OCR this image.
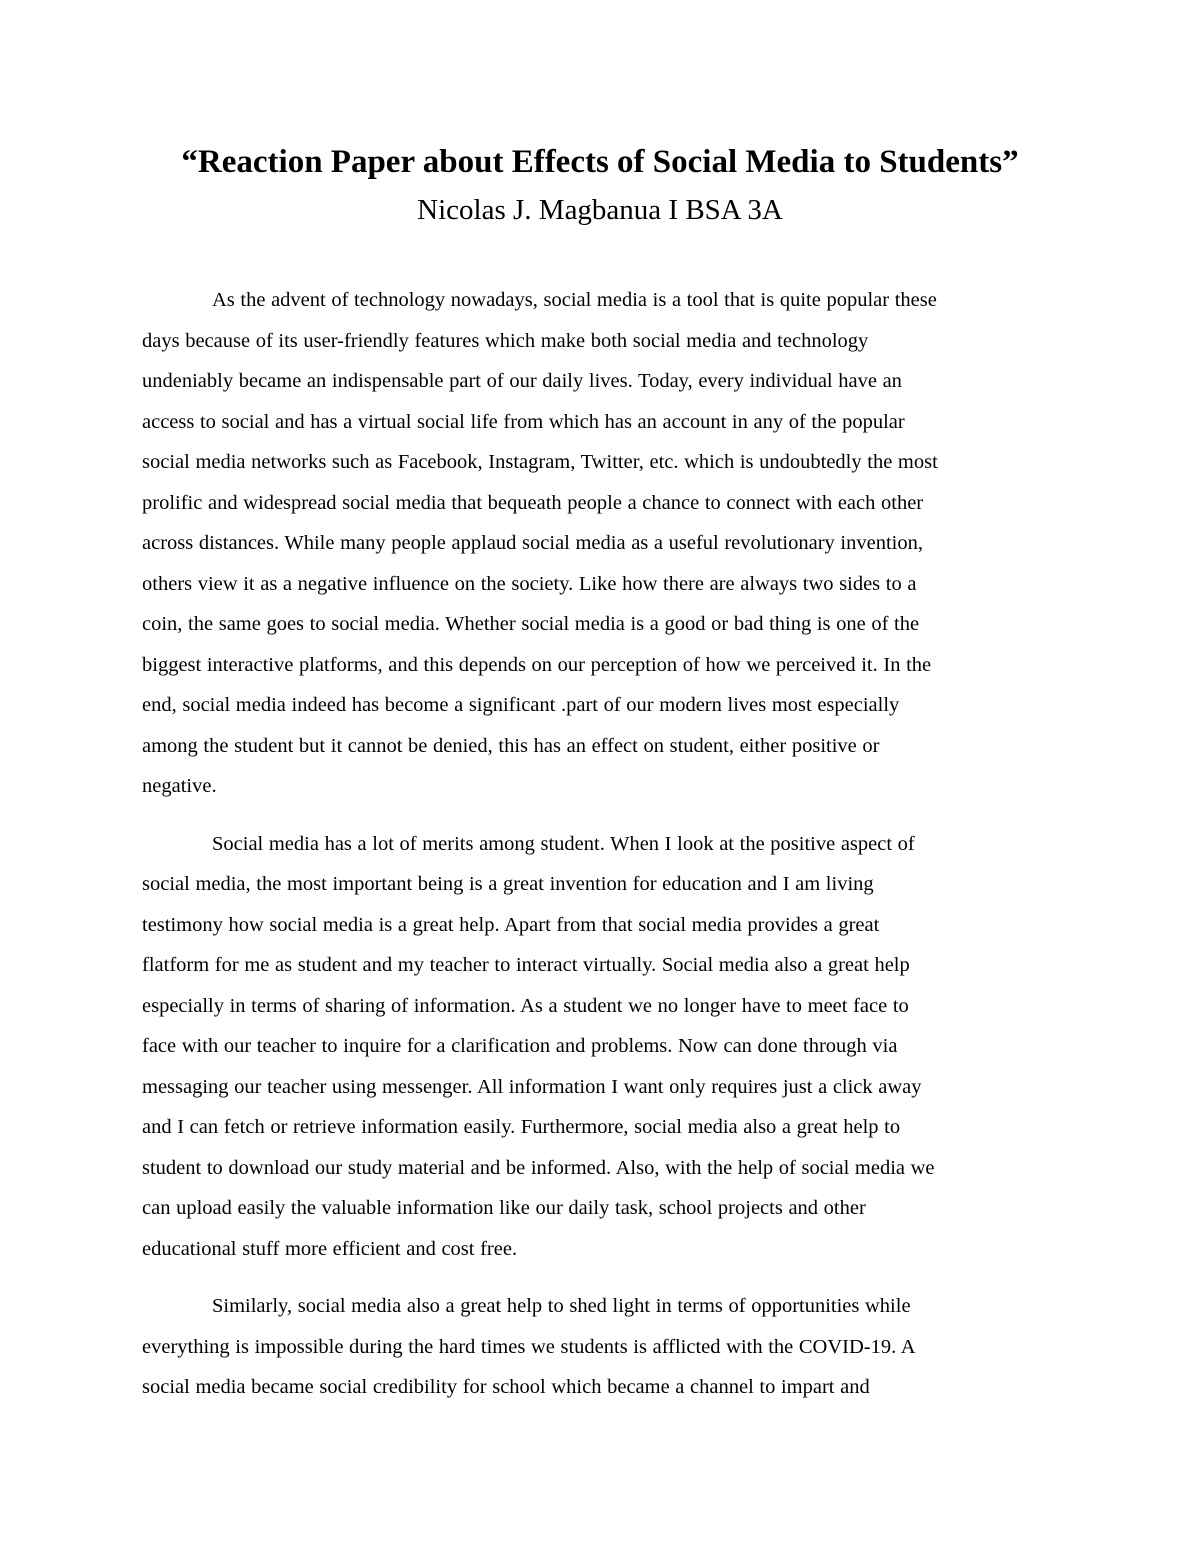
“Reaction Paper about Effects of Social Media to Students”
Nicolas J. Magbanua I BSA 3A

As the advent of technology nowadays, social media is a tool that is quite popular these
days because of its user-friendly features which make both social media and technology
undeniably became an indispensable part of our daily lives. Today, every individual have an
access to social and has a virtual social life from which has an account in any of the popular
social media networks such as Facebook, Instagram, Twitter, etc. which is undoubtedly the most
prolific and widespread social media that bequeath people a chance to connect with each other
across distances. While many people applaud social media as a useful revolutionary invention,
others view it as a negative influence on the society. Like how there are always two sides to a
coin, the same goes to social media. Whether social media is a good or bad thing is one of the
biggest interactive platforms, and this depends on our perception of how we perceived it. In the
end, social media indeed has become a significant .part of our modern lives most especially
among the student but it cannot be denied, this has an effect on student, either positive or
negative.

Social media has a lot of merits among student. When I look at the positive aspect of
social media, the most important being is a great invention for education and I am living
testimony how social media is a great help. Apart from that social media provides a great
flatform for me as student and my teacher to interact virtually. Social media also a great help
especially in terms of sharing of information. As a student we no longer have to meet face to
face with our teacher to inquire for a clarification and problems. Now can done through via
messaging our teacher using messenger. All information I want only requires just a click away
and I can fetch or retrieve information easily. Furthermore, social media also a great help to
student to download our study material and be informed. Also, with the help of social media we
can upload easily the valuable information like our daily task, school projects and other
educational stuff more efficient and cost free.

Similarly, social media also a great help to shed light in terms of opportunities while
everything is impossible during the hard times we students is afflicted with the COVID-19. A
social media became social credibility for school which became a channel to impart and
